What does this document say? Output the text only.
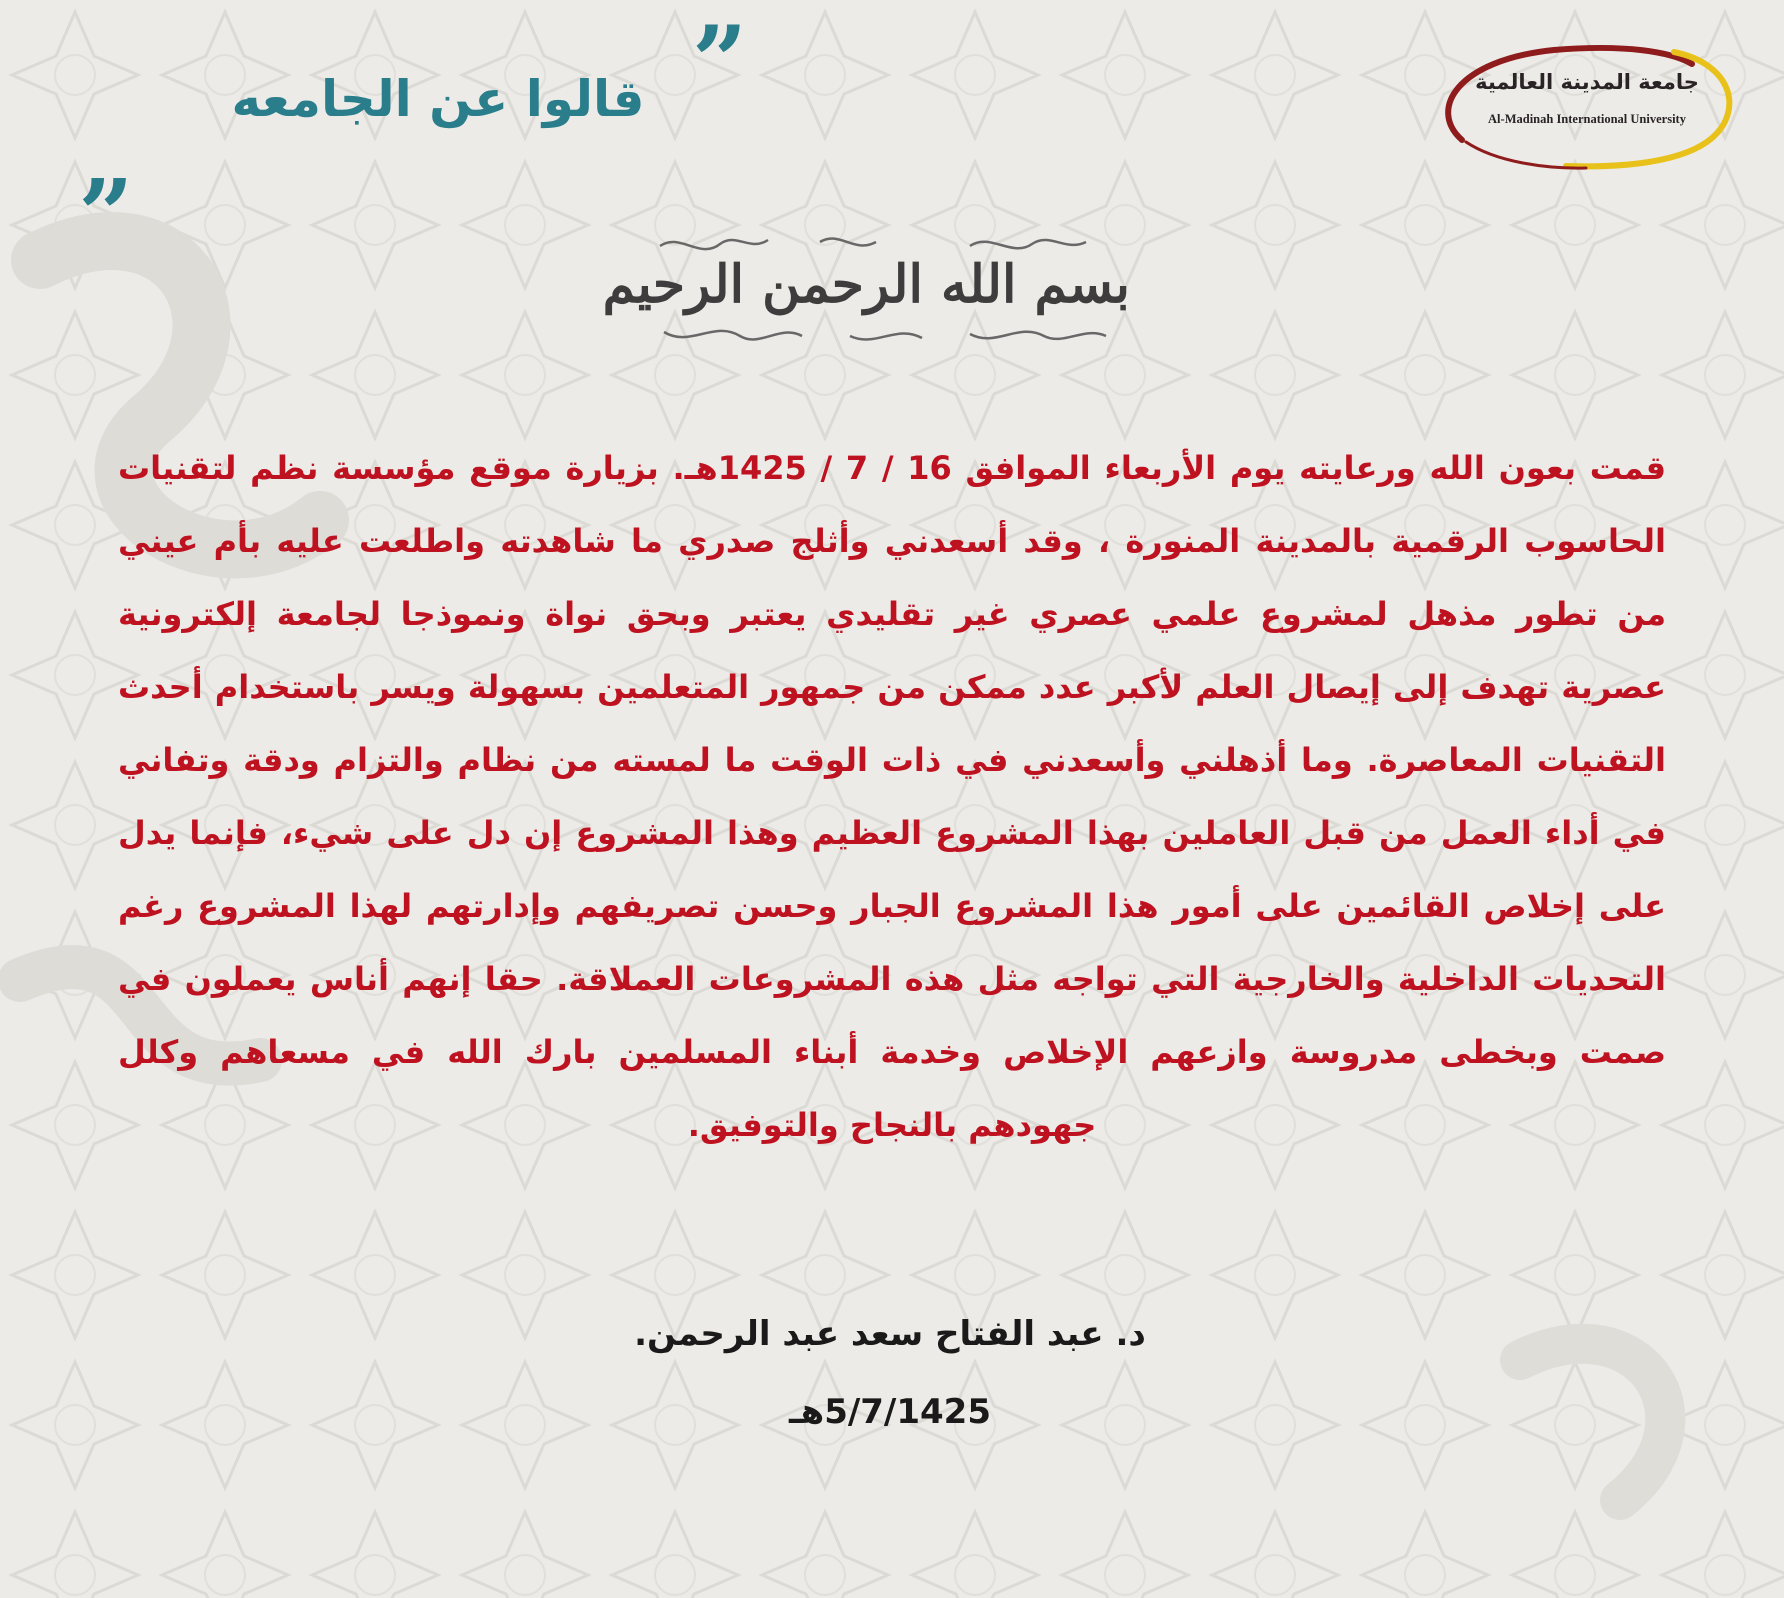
جامعة المدينة العالمية
Al-Madinah International University
”
قالوا عن الجامعه
„
بسم الله الرحمن الرحيم

قمت بعون الله ورعايته يوم الأربعاء الموافق 16 / 7 / 1425هـ. بزيارة موقع مؤسسة نظم لتقنيات الحاسوب الرقمية بالمدينة المنورة ، وقد أسعدني وأثلج صدري ما شاهدته واطلعت عليه بأم عيني من تطور مذهل لمشروع علمي عصري غير تقليدي يعتبر وبحق نواة ونموذجا لجامعة إلكترونية عصرية تهدف إلى إيصال العلم لأكبر عدد ممكن من جمهور المتعلمين بسهولة ويسر باستخدام أحدث التقنيات المعاصرة. وما أذهلني وأسعدني في ذات الوقت ما لمسته من نظام والتزام ودقة وتفاني في أداء العمل من قبل العاملين بهذا المشروع العظيم وهذا المشروع إن دل على شيء، فإنما يدل على إخلاص القائمين على أمور هذا المشروع الجبار وحسن تصريفهم وإدارتهم لهذا المشروع رغم التحديات الداخلية والخارجية التي تواجه مثل هذه المشروعات العملاقة. حقا إنهم أناس يعملون في صمت وبخطى مدروسة وازعهم الإخلاص وخدمة أبناء المسلمين بارك الله في مسعاهم وكلل جهودهم بالنجاح والتوفيق.

د. عبد الفتاح سعد عبد الرحمن.
5/7/1425هـ
